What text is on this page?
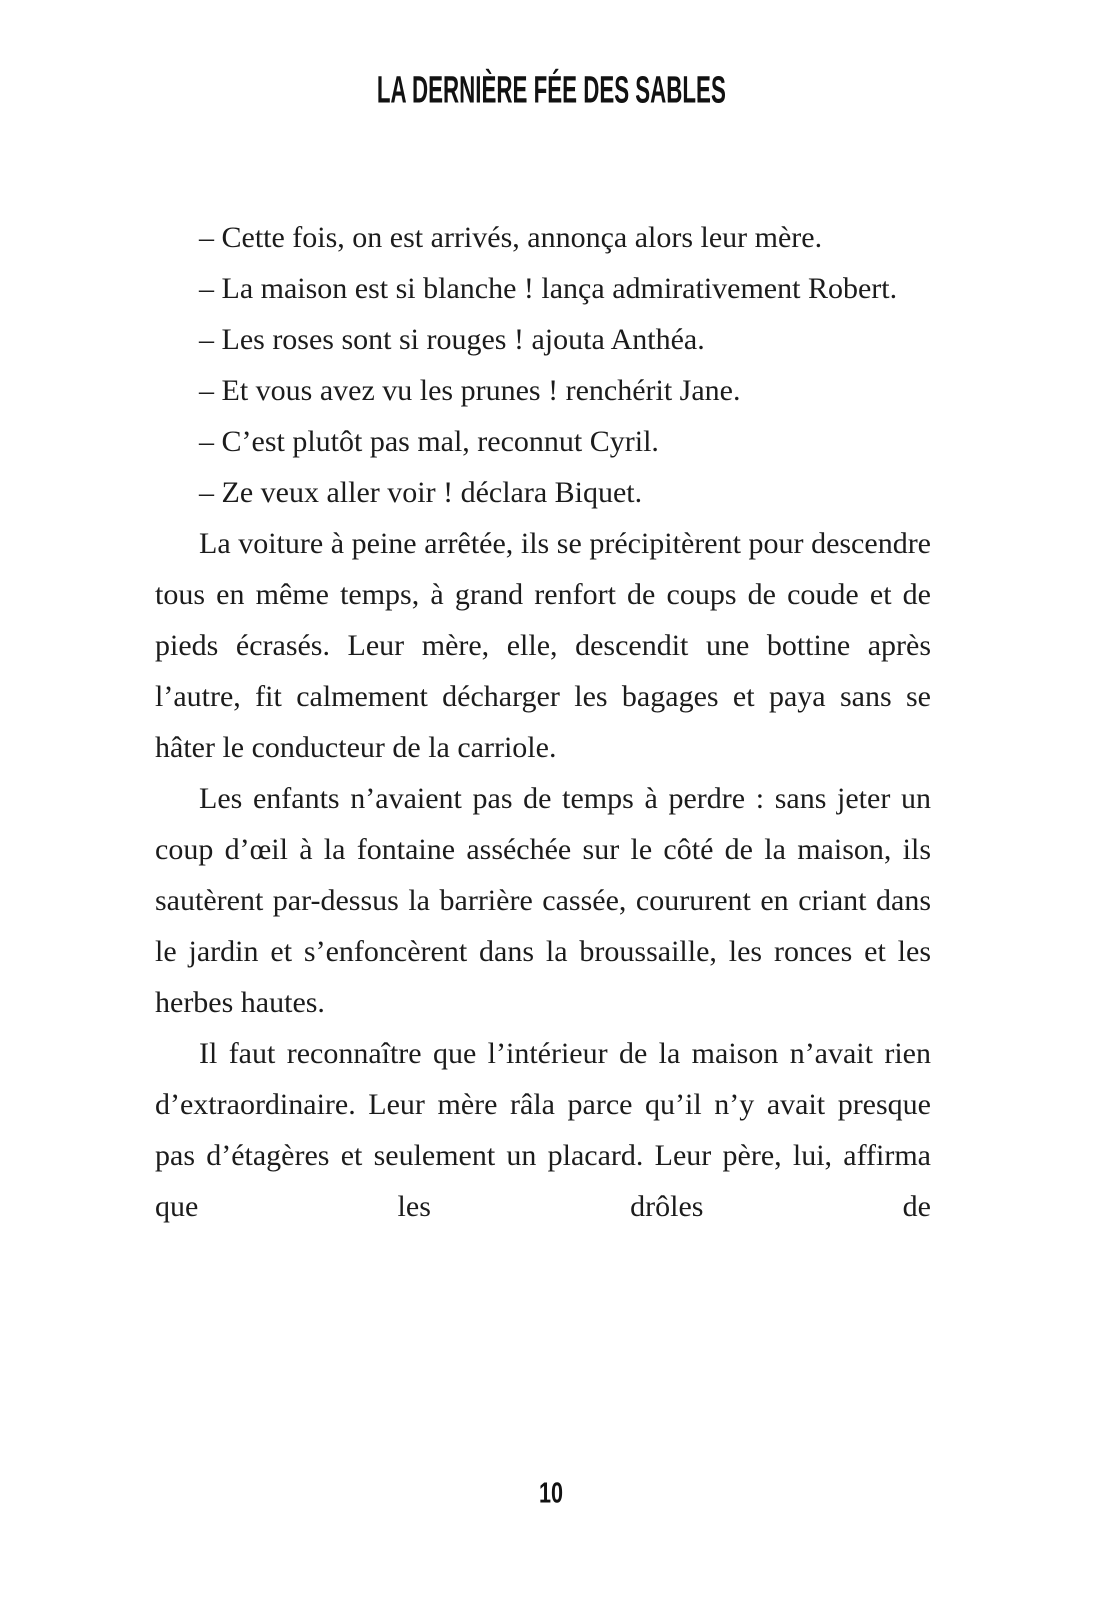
LA DERNIÈRE FÉE DES SABLES

– Cette fois, on est arrivés, annonça alors leur mère.

– La maison est si blanche ! lança admirativement Robert.

– Les roses sont si rouges ! ajouta Anthéa.

– Et vous avez vu les prunes ! renchérit Jane.

– C’est plutôt pas mal, reconnut Cyril.

– Ze veux aller voir ! déclara Biquet.

La voiture à peine arrêtée, ils se précipitèrent pour descendre tous en même temps, à grand renfort de coups de coude et de pieds écrasés. Leur mère, elle, descendit une bottine après l’autre, fit calmement décharger les bagages et paya sans se hâter le conducteur de la carriole.

Les enfants n’avaient pas de temps à perdre : sans jeter un coup d’œil à la fontaine asséchée sur le côté de la maison, ils sautèrent par-dessus la barrière cassée, coururent en criant dans le jardin et s’enfoncèrent dans la broussaille, les ronces et les herbes hautes.

Il faut reconnaître que l’intérieur de la maison n’avait rien d’extraordinaire. Leur mère râla parce qu’il n’y avait presque pas d’étagères et seulement un placard. Leur père, lui, affirma que les drôles de

10
